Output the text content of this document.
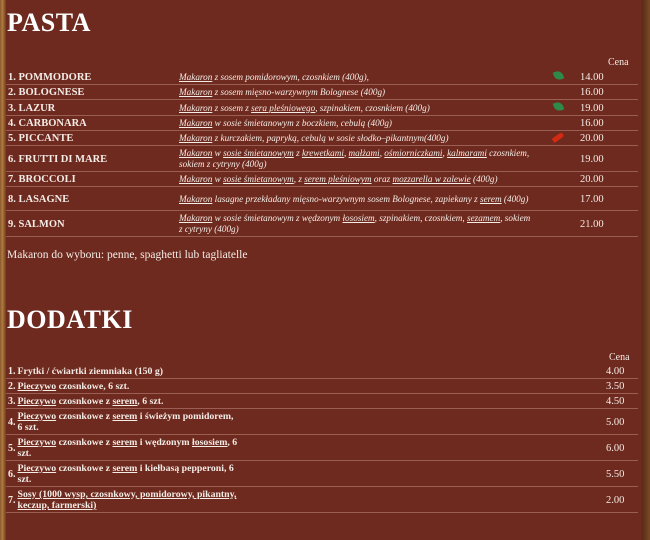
PASTA
Cena
1. POMMODORE	Makaron z sosem pomidorowym, czosnkiem (400g),		14.00
2. BOLOGNESE	Makaron z sosem mięsno-warzywnym Bolognese (400g)		16.00
3. LAZUR	Makaron z sosem z sera pleśniowego, szpinakiem, czosnkiem (400g)		19.00
4. CARBONARA	Makaron w sosie śmietanowym z boczkiem, cebulą (400g)		16.00
5. PICCANTE	Makaron z kurczakiem, papryką, cebulą w sosie słodko–pikantnym(400g)		20.00
6. FRUTTI DI MARE	Makaron w sosie śmietanowym z krewetkami, małżami, ośmiorniczkami, kalmarami czosnkiem, sokiem z cytryny (400g)		19.00
7. BROCCOLI	Makaron w sosie śmietanowym, z serem pleśniowym oraz mozzarella w zalewie (400g)		20.00
8. LASAGNE	Makaron lasagne przekładany mięsno-warzywnym sosem Bolognese, zapiekany z serem (400g)		17.00
9. SALMON	Makaron w sosie śmietanowym z wędzonym łososiem, szpinakiem, czosnkiem, sezamem, sokiem z cytryny (400g)		21.00
Makaron do wyboru: penne, spaghetti lub tagliatelle
DODATKI
Cena
1.	Frytki / ćwiartki ziemniaka (150 g)		4.00
2.	Pieczywo czosnkowe, 6 szt.		3.50
3.	Pieczywo czosnkowe z serem, 6 szt.		4.50
4.	Pieczywo czosnkowe z serem i świeżym pomidorem, 6 szt.		5.00
5.	Pieczywo czosnkowe z serem i wędzonym łososiem, 6 szt.		6.00
6.	Pieczywo czosnkowe z serem i kiełbasą pepperoni, 6 szt.		5.50
7.	Sosy (1000 wysp, czosnkowy, pomidorowy, pikantny, keczup, farmerski)		2.00
